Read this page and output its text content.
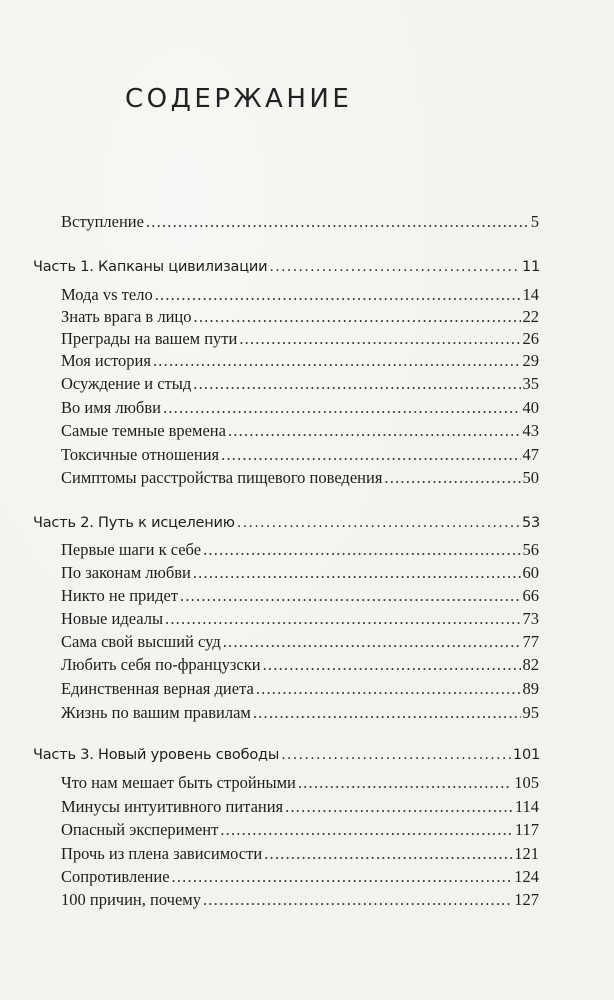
СОДЕРЖАНИЕ
Вступление .....	5
Часть 1. Капканы цивилизации .....	11
Мода vs тело .....	14
Знать врага в лицо .....	22
Преграды на вашем пути .....	26
Моя история .....	29
Осуждение и стыд .....	35
Во имя любви .....	40
Самые темные времена .....	43
Токсичные отношения .....	47
Симптомы расстройства пищевого поведения .....	50
Часть 2. Путь к исцелению .....	53
Первые шаги к себе .....	56
По законам любви .....	60
Никто не придет .....	66
Новые идеалы .....	73
Сама свой высший суд .....	77
Любить себя по-французски .....	82
Единственная верная диета .....	89
Жизнь по вашим правилам .....	95
Часть 3. Новый уровень свободы .....	101
Что нам мешает быть стройными .....	105
Минусы интуитивного питания .....	114
Опасный эксперимент .....	117
Прочь из плена зависимости .....	121
Сопротивление .....	124
100 причин, почему .....	127
